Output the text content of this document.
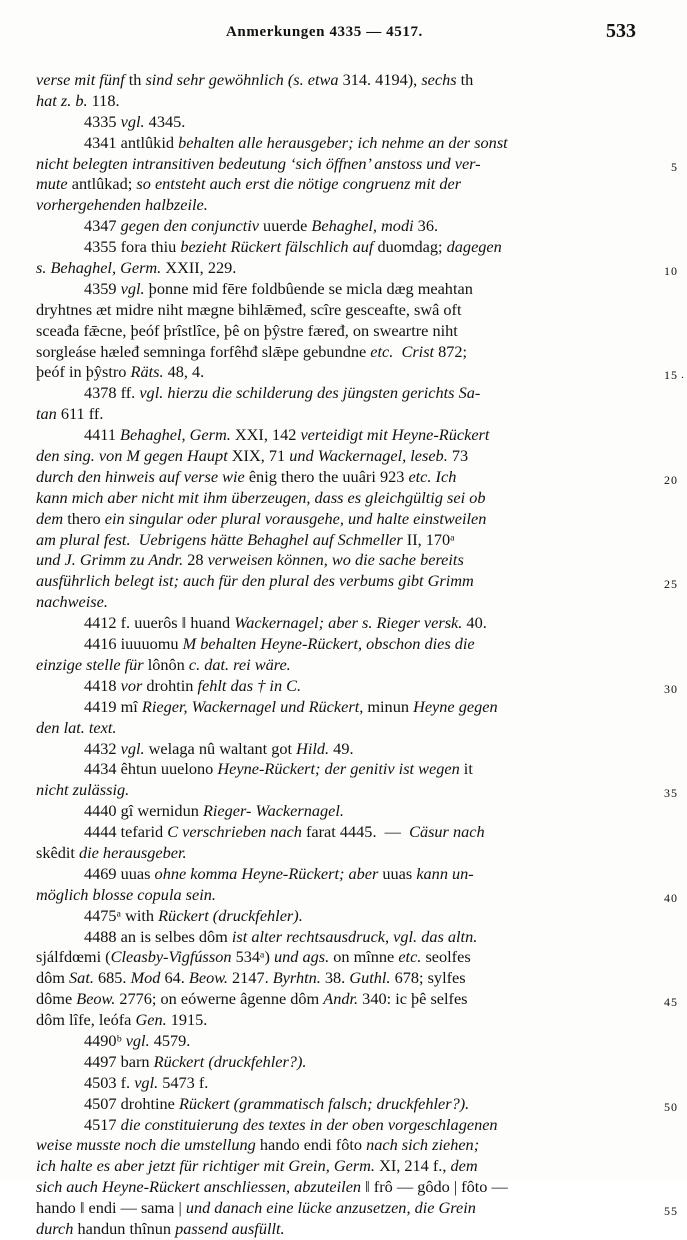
Anmerkungen 4335 — 4517.	533
verse mit fünf th sind sehr gewöhnlich (s. etwa 314. 4194), sechs th
hat z. b. 118.
4335 vgl. 4345.
4341 antlûkid behalten alle herausgeber; ich nehme an der sonst
nicht belegten intransitiven bedeutung ‘sich öffnen’ anstoss und ver-	5
mute antlûkad; so entsteht auch erst die nötige congruenz mit der
vorhergehenden halbzeile.
4347 gegen den conjunctiv uuerde Behaghel, modi 36.
4355 fora thiu bezieht Rückert fälschlich auf duomdag; dagegen
s. Behaghel, Germ. XXII, 229.	10
4359 vgl. þonne mid fēre foldbûende se micla dæg meahtan
dryhtnes æt midre niht mægne bihlǣmeđ, scîre gesceafte, swâ oft
sceađa fǣcne, þeóf þrîstlîce, þê on þŷstre fæređ, on sweartre niht
sorgleáse hæleđ semninga forfêhđ slǣpe gebundne etc.  Crist 872;
þeóf in þŷstro Räts. 48, 4.	15 .
4378 ff. vgl. hierzu die schilderung des jüngsten gerichts Sa-
tan 611 ff.
4411 Behaghel, Germ. XXI, 142 verteidigt mit Heyne-Rückert
den sing. von M gegen Haupt XIX, 71 und Wackernagel, leseb. 73
durch den hinweis auf verse wie ênig thero the uuâri 923 etc. Ich	20
kann mich aber nicht mit ihm überzeugen, dass es gleichgültig sei ob
dem thero ein singular oder plural vorausgehe, und halte einstweilen
am plural fest.  Uebrigens hätte Behaghel auf Schmeller II, 170ᵃ
und J. Grimm zu Andr. 28 verweisen können, wo die sache bereits
ausführlich belegt ist; auch für den plural des verbums gibt Grimm	25
nachweise.
4412 f. uuerôs ‖ huand Wackernagel; aber s. Rieger versk. 40.
4416 iuuuomu M behalten Heyne-Rückert, obschon dies die
einzige stelle für lônôn c. dat. rei wäre.
4418 vor drohtin fehlt das † in C.	30
4419 mî Rieger, Wackernagel und Rückert, minun Heyne gegen
den lat. text.
4432 vgl. welaga nû waltant got Hild. 49.
4434 êhtun uuelono Heyne-Rückert; der genitiv ist wegen it
nicht zulässig.	35
4440 gî wernidun Rieger- Wackernagel.
4444 tefarid C verschrieben nach farat 4445.  —  Cäsur nach
skêdit die herausgeber.
4469 uuas ohne komma Heyne-Rückert; aber uuas kann un-
möglich blosse copula sein.	40
4475ᵃ with Rückert (druckfehler).
4488 an is selbes dôm ist alter rechtsausdruck, vgl. das altn.
sjálfdœmi (Cleasby-Vigfússon 534ᵃ) und ags. on mînne etc. seolfes
dôm Sat. 685. Mod 64. Beow. 2147. Byrhtn. 38. Guthl. 678; sylfes
dôme Beow. 2776; on eówerne âgenne dôm Andr. 340: ic þê selfes	45
dôm lîfe, leófa Gen. 1915.
4490ᵇ vgl. 4579.
4497 barn Rückert (druckfehler?).
4503 f. vgl. 5473 f.
4507 drohtine Rückert (grammatisch falsch; druckfehler?).	50
4517 die constituierung des textes in der oben vorgeschlagenen
weise musste noch die umstellung hando endi fôto nach sich ziehen;
ich halte es aber jetzt für richtiger mit Grein, Germ. XI, 214 f., dem
sich auch Heyne-Rückert anschliessen, abzuteilen ‖ frô — gôdo | fôto —
hando ‖ endi — sama | und danach eine lücke anzusetzen, die Grein	55
durch handun thînun passend ausfüllt.
